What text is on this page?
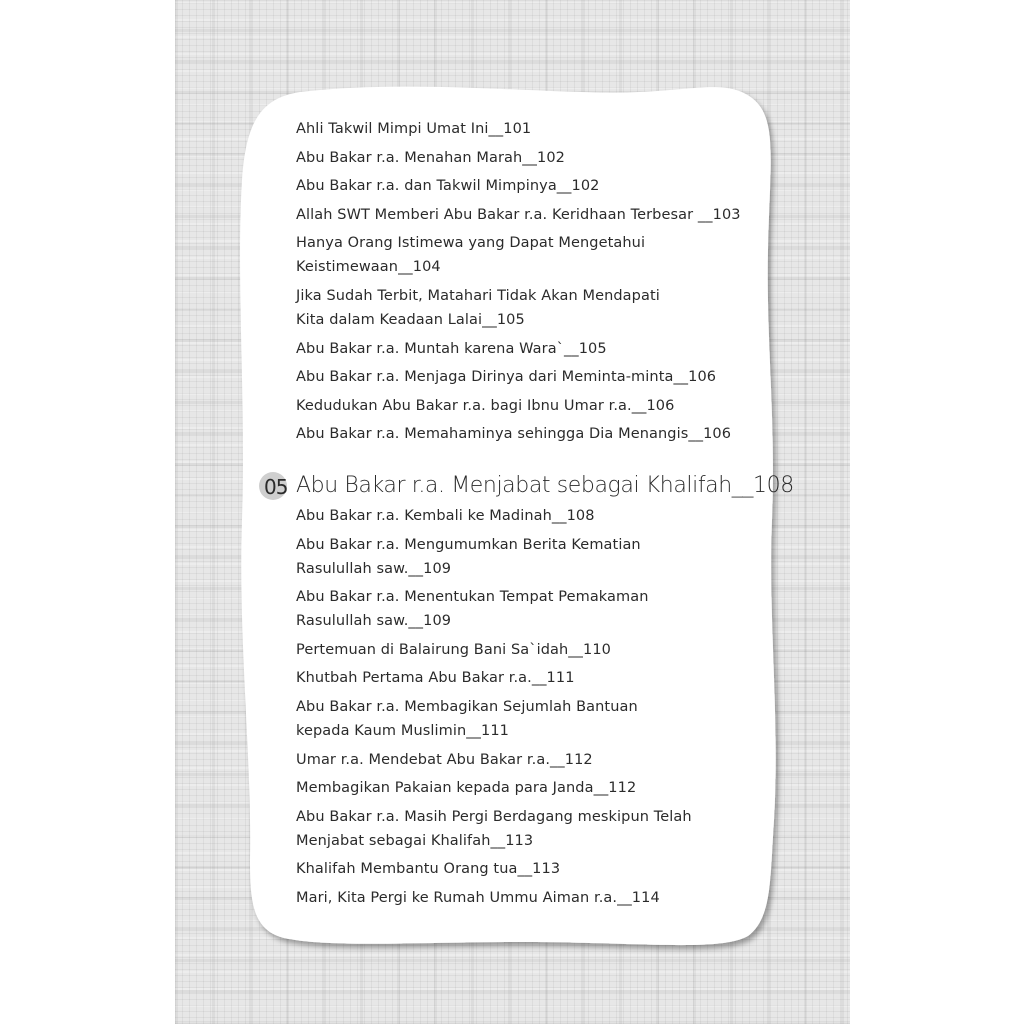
Ahli Takwil Mimpi Umat Ini__101
Abu Bakar r.a. Menahan Marah__102
Abu Bakar r.a. dan Takwil Mimpinya__102
Allah SWT Memberi Abu Bakar r.a. Keridhaan Terbesar __103
Hanya Orang Istimewa yang Dapat Mengetahui
Keistimewaan__104
Jika Sudah Terbit, Matahari Tidak Akan Mendapati
Kita dalam Keadaan Lalai__105
Abu Bakar r.a. Muntah karena Wara`__105
Abu Bakar r.a. Menjaga Dirinya dari Meminta-minta__106
Kedudukan Abu Bakar r.a. bagi Ibnu Umar r.a.__106
Abu Bakar r.a. Memahaminya sehingga Dia Menangis__106
05 Abu Bakar r.a. Menjabat sebagai Khalifah__108
Abu Bakar r.a. Kembali ke Madinah__108
Abu Bakar r.a. Mengumumkan Berita Kematian
Rasulullah saw.__109
Abu Bakar r.a. Menentukan Tempat Pemakaman
Rasulullah saw.__109
Pertemuan di Balairung Bani Sa`idah__110
Khutbah Pertama Abu Bakar r.a.__111
Abu Bakar r.a. Membagikan Sejumlah Bantuan
kepada Kaum Muslimin__111
Umar r.a. Mendebat Abu Bakar r.a.__112
Membagikan Pakaian kepada para Janda__112
Abu Bakar r.a. Masih Pergi Berdagang meskipun Telah
Menjabat sebagai Khalifah__113
Khalifah Membantu Orang tua__113
Mari, Kita Pergi ke Rumah Ummu Aiman r.a.__114
